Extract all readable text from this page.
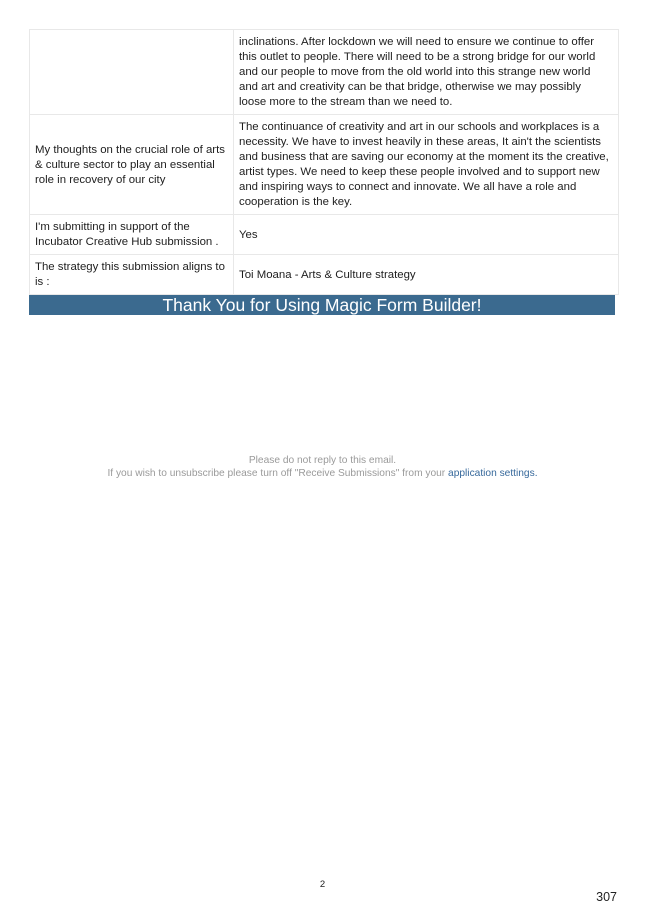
	inclinations. After lockdown we will need to ensure we continue to offer this outlet to people. There will need to be a strong bridge for our world and our people to move from the old world into this strange new world and art and creativity can be that bridge, otherwise we may possibly loose more to the stream than we need to.
My thoughts on the crucial role of arts & culture sector to play an essential role in recovery of our city	The continuance of creativity and art in our schools and workplaces is a necessity. We have to invest heavily in these areas, It ain't the scientists and business that are saving our economy at the moment its the creative, artist types. We need to keep these people involved and to support new and inspiring ways to connect and innovate. We all have a role and cooperation is the key.
I'm submitting in support of the Incubator Creative Hub submission .	Yes
The strategy this submission aligns to is :	Toi Moana - Arts & Culture strategy
Thank You for Using Magic Form Builder!
Please do not reply to this email.
If you wish to unsubscribe please turn off "Receive Submissions" from your application settings.
2
307
